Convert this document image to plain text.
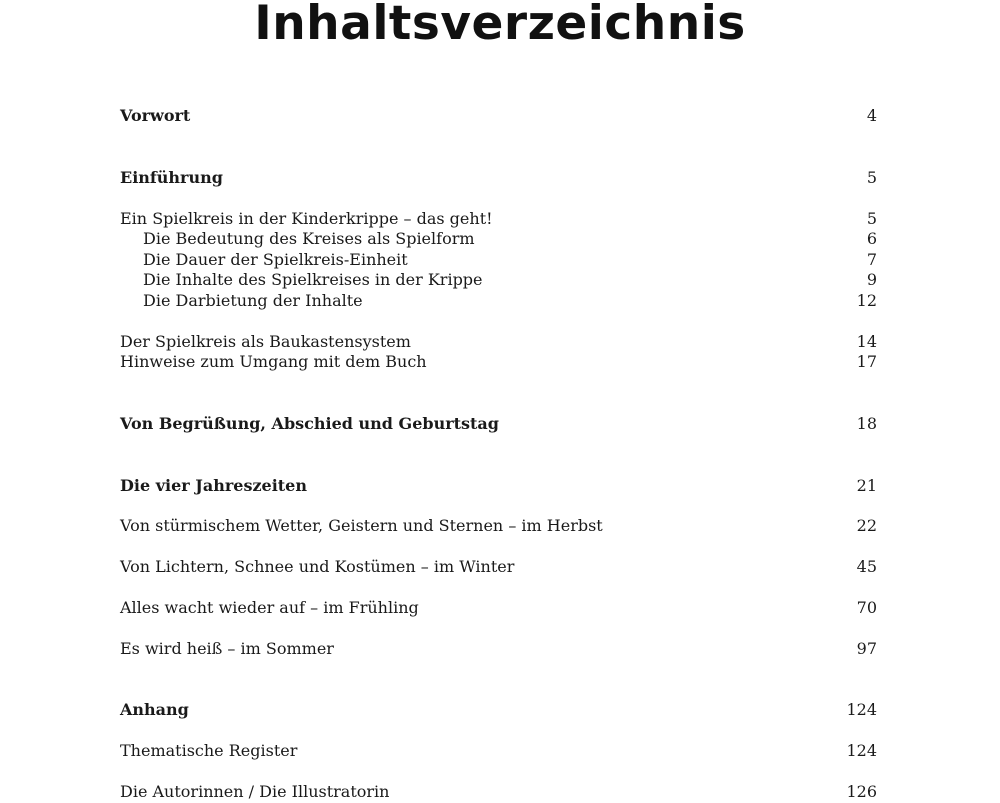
Inhaltsverzeichnis
Vorwort	4
Einführung	5
Ein Spielkreis in der Kinderkrippe – das geht!	5
Die Bedeutung des Kreises als Spielform	6
Die Dauer der Spielkreis-Einheit	7
Die Inhalte des Spielkreises in der Krippe	9
Die Darbietung der Inhalte	12
Der Spielkreis als Baukastensystem	14
Hinweise zum Umgang mit dem Buch	17
Von Begrüßung, Abschied und Geburtstag	18
Die vier Jahreszeiten	21
Von stürmischem Wetter, Geistern und Sternen – im Herbst	22
Von Lichtern, Schnee und Kostümen – im Winter	45
Alles wacht wieder auf – im Frühling	70
Es wird heiß – im Sommer	97
Anhang	124
Thematische Register	124
Die Autorinnen / Die Illustratorin	126
